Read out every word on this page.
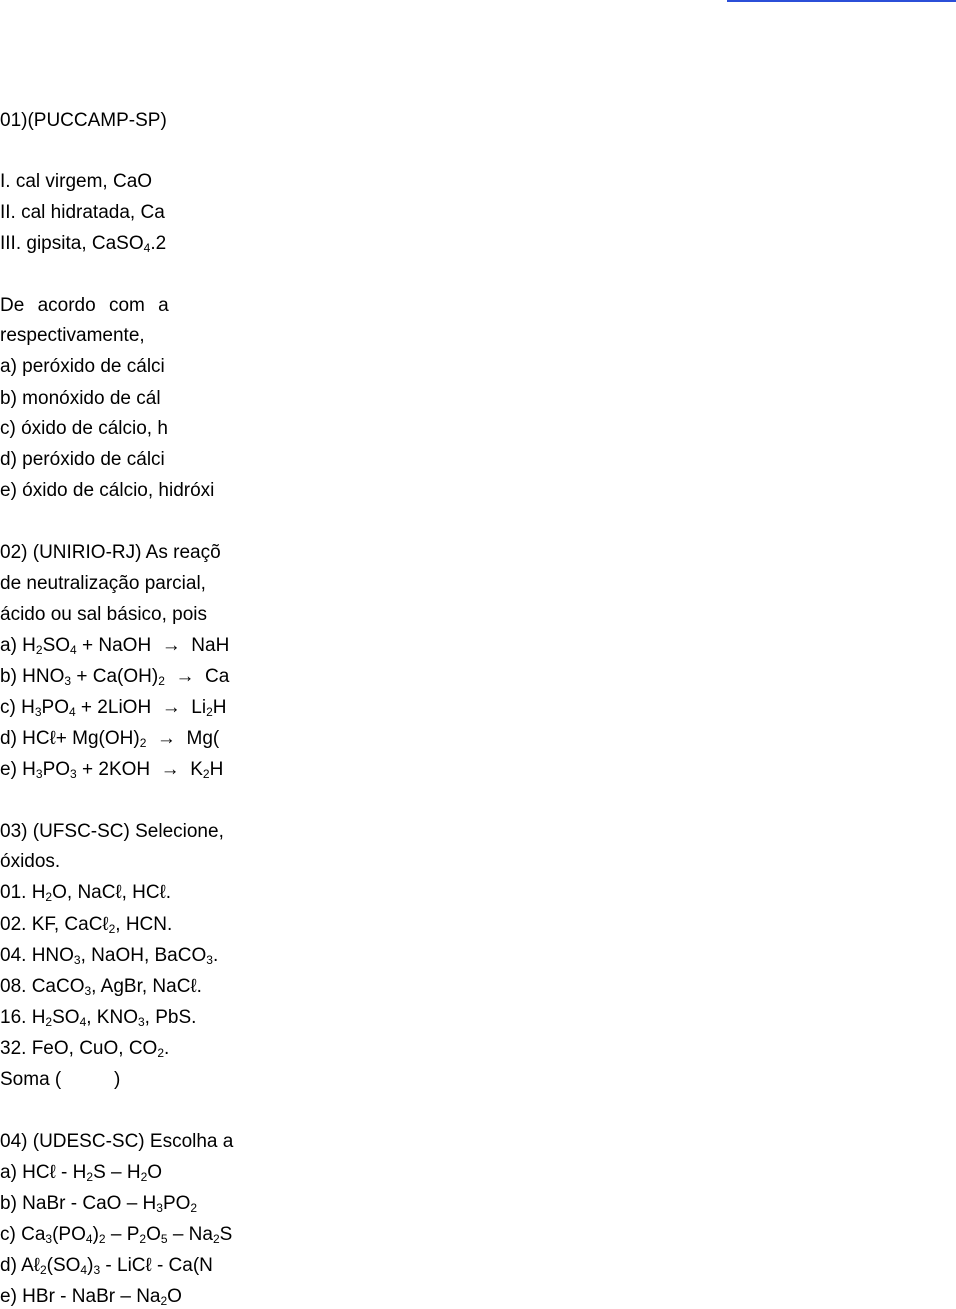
01)(PUCCAMP-SP)
I. cal virgem, CaO
II. cal hidratada, Ca
III. gipsita, CaSO$_4$.2
De acordo com a
respectivamente,
a) peróxido de cálci
b) monóxido de cál
c) óxido de cálcio, h
d) peróxido de cálci
e) óxido de cálcio, hidróxi
02) (UNIRIO-RJ) As reaçõ
de neutralização parcial,
ácido ou sal básico, pois
a) $H_2SO_4$ + NaOH  →  NaH
b) $HNO_3 + Ca(OH)_2 \to Ca$
c) $H_3PO_4$ + 2LiOH  →  $Li_2H$
d) HCℓ+ $Mg(OH)_2 \to Mg$(
e) $H_3PO_3 + 2KOH \to K_2H$
03) (UFSC-SC) Selecione,
óxidos.
01. $H_2O$, NaCℓ, HCℓ.
02. KF, CaCℓ$_2$, HCN.
04. $HNO_3$, NaOH, BaCO$_3$.
08. CaCO$_3$, AgBr, NaCℓ.
16. $H_2SO_4$, $KNO_3$, PbS.
32. FeO, CuO, $CO_2$.
Soma (          )
04) (UDESC-SC) Escolha a
a) HCℓ - $H_2S - H_2O$
b) NaBr - CaO – $H_3PO_2$
c) $Ca_3(PO_4)_2 - P_2O_5 - Na_2S$
d) $A\ell_2(SO_4)_3$ - LiCℓ - Ca(N
e) HBr - NaBr – $Na_2O$
